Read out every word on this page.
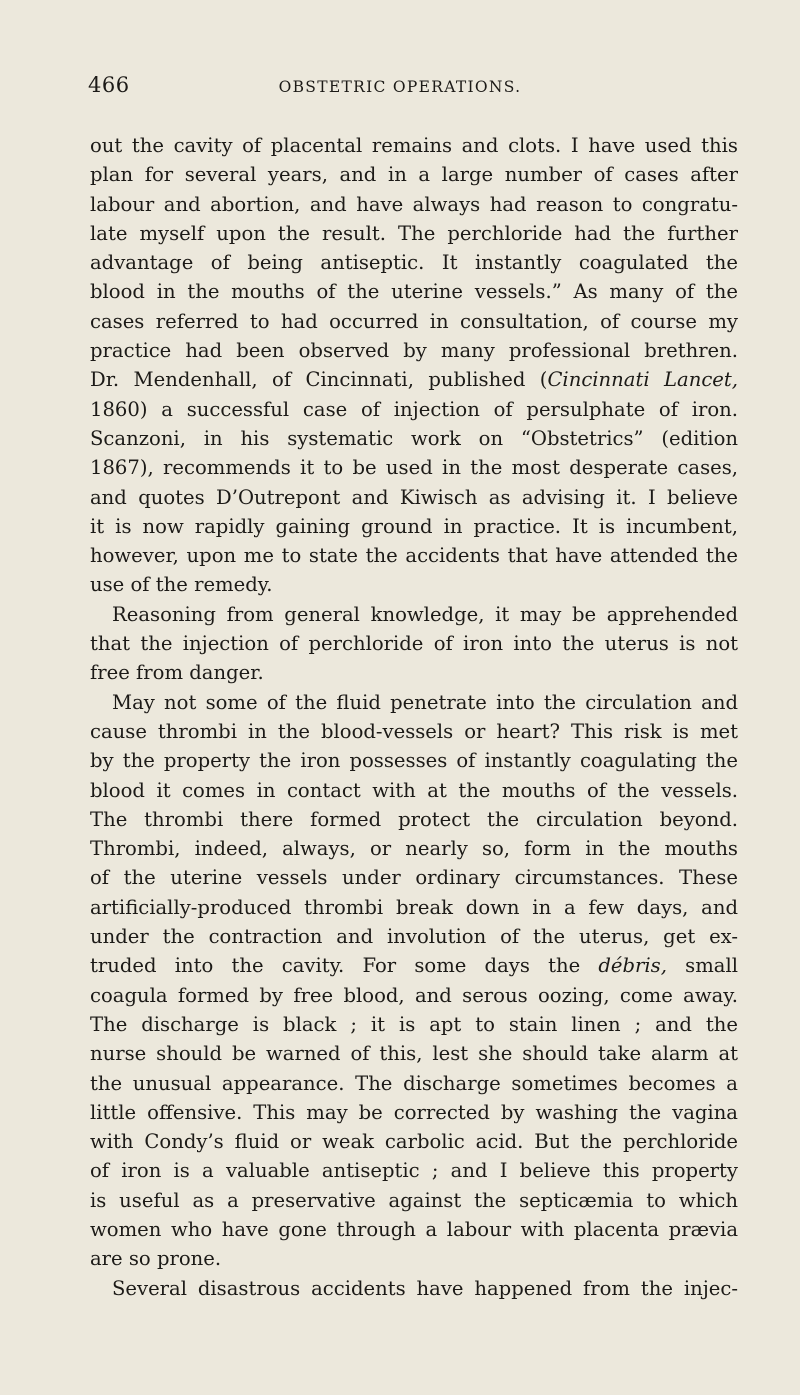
466	OBSTETRIC OPERATIONS.
out the cavity of placental remains and clots. I have used this
plan for several years, and in a large number of cases after
labour and abortion, and have always had reason to congratu-
late myself upon the result. The perchloride had the further
advantage of being antiseptic. It instantly coagulated the
blood in the mouths of the uterine vessels.” As many of the
cases referred to had occurred in consultation, of course my
practice had been observed by many professional brethren.
Dr. Mendenhall, of Cincinnati, published (Cincinnati Lancet,
1860) a successful case of injection of persulphate of iron.
Scanzoni, in his systematic work on “Obstetrics” (edition
1867), recommends it to be used in the most desperate cases,
and quotes D’Outrepont and Kiwisch as advising it. I believe
it is now rapidly gaining ground in practice. It is incumbent,
however, upon me to state the accidents that have attended the
use of the remedy.
Reasoning from general knowledge, it may be apprehended
that the injection of perchloride of iron into the uterus is not
free from danger.
May not some of the fluid penetrate into the circulation and
cause thrombi in the blood-vessels or heart? This risk is met
by the property the iron possesses of instantly coagulating the
blood it comes in contact with at the mouths of the vessels.
The thrombi there formed protect the circulation beyond.
Thrombi, indeed, always, or nearly so, form in the mouths
of the uterine vessels under ordinary circumstances. These
artificially-produced thrombi break down in a few days, and
under the contraction and involution of the uterus, get ex-
truded into the cavity. For some days the débris, small
coagula formed by free blood, and serous oozing, come away.
The discharge is black ; it is apt to stain linen ; and the
nurse should be warned of this, lest she should take alarm at
the unusual appearance. The discharge sometimes becomes a
little offensive. This may be corrected by washing the vagina
with Condy’s fluid or weak carbolic acid. But the perchloride
of iron is a valuable antiseptic ; and I believe this property
is useful as a preservative against the septicæmia to which
women who have gone through a labour with placenta prævia
are so prone.
Several disastrous accidents have happened from the injec-
